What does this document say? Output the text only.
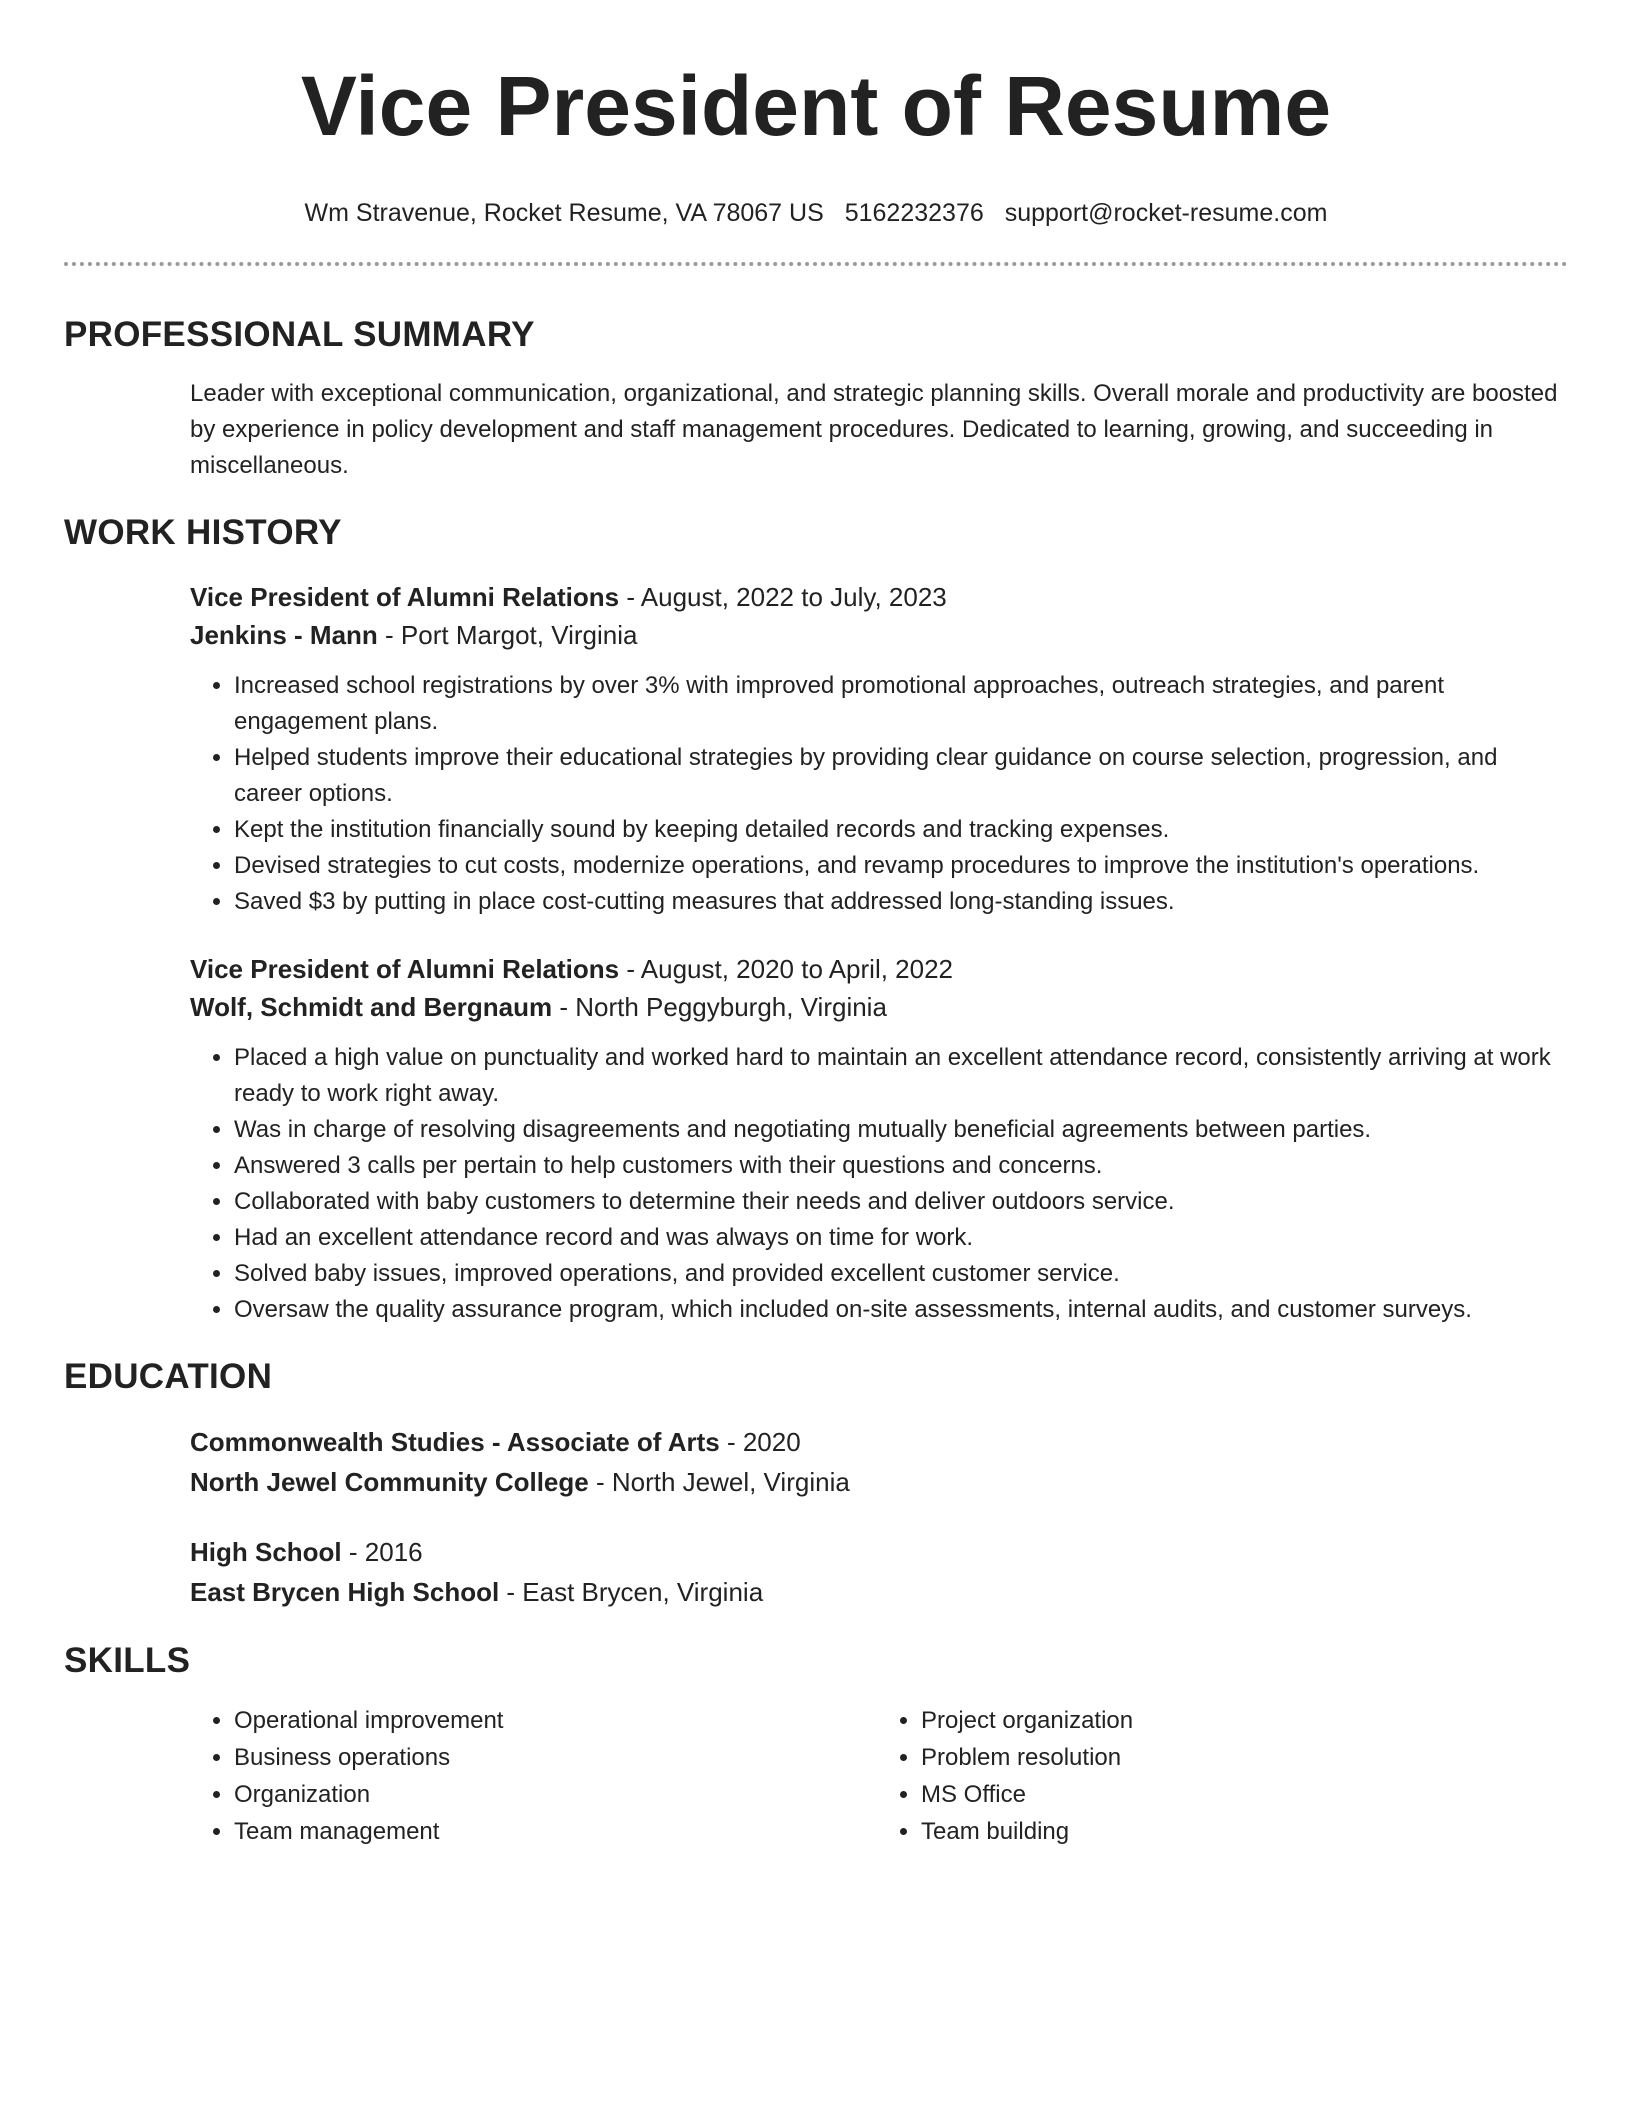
Vice President of Resume
Wm Stravenue, Rocket Resume, VA 78067 US 5162232376 support@rocket-resume.com
PROFESSIONAL SUMMARY

Leader with exceptional communication, organizational, and strategic planning skills. Overall morale and productivity are boosted by experience in policy development and staff management procedures. Dedicated to learning, growing, and succeeding in miscellaneous.

WORK HISTORY
Vice President of Alumni Relations - August, 2022 to July, 2023
Jenkins - Mann - Port Margot, Virginia
• Increased school registrations by over 3% with improved promotional approaches, outreach strategies, and parent engagement plans.
• Helped students improve their educational strategies by providing clear guidance on course selection, progression, and career options.
• Kept the institution financially sound by keeping detailed records and tracking expenses.
• Devised strategies to cut costs, modernize operations, and revamp procedures to improve the institution's operations.
• Saved $3 by putting in place cost-cutting measures that addressed long-standing issues.
Vice President of Alumni Relations - August, 2020 to April, 2022
Wolf, Schmidt and Bergnaum - North Peggyburgh, Virginia
• Placed a high value on punctuality and worked hard to maintain an excellent attendance record, consistently arriving at work ready to work right away.
• Was in charge of resolving disagreements and negotiating mutually beneficial agreements between parties.
• Answered 3 calls per pertain to help customers with their questions and concerns.
• Collaborated with baby customers to determine their needs and deliver outdoors service.
• Had an excellent attendance record and was always on time for work.
• Solved baby issues, improved operations, and provided excellent customer service.
• Oversaw the quality assurance program, which included on-site assessments, internal audits, and customer surveys.
EDUCATION
Commonwealth Studies - Associate of Arts - 2020
North Jewel Community College - North Jewel, Virginia
High School - 2016
East Brycen High School - East Brycen, Virginia
SKILLS
• Operational improvement
• Business operations
• Organization
• Team management
• Project organization
• Problem resolution
• MS Office
• Team building
